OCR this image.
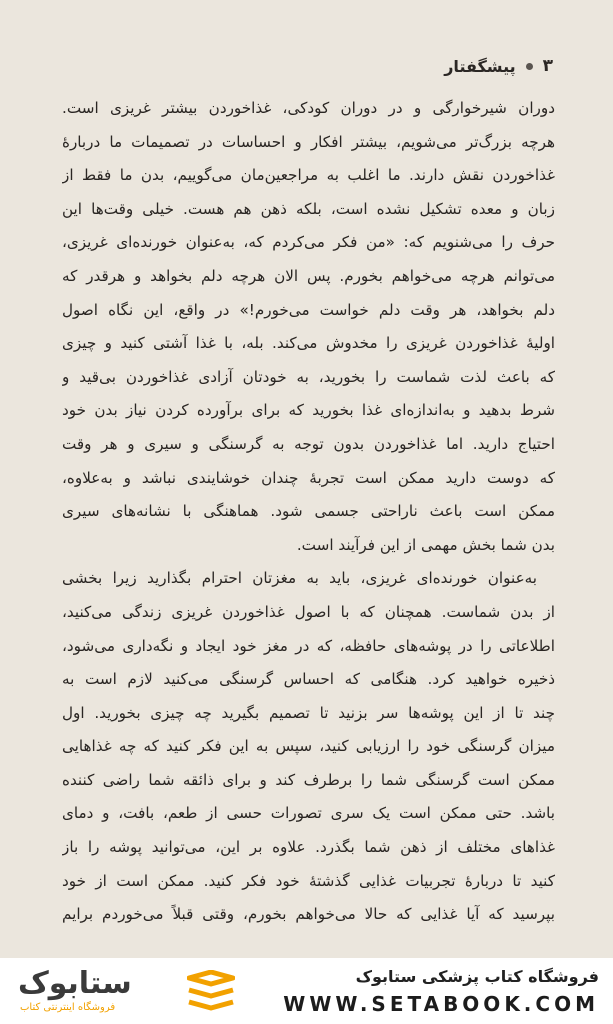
۳
پیشگفتار
دوران شیرخوارگی و در دوران کودکی، غذاخوردن بیشتر غریزی است.
هرچه بزرگ‌تر می‌شویم، بیشتر افکار و احساسات در تصمیمات ما دربارهٔ
غذاخوردن نقش دارند. ما اغلب به مراجعین‌مان می‌گوییم، بدن ما فقط از
زبان و معده تشکیل نشده است، بلکه ذهن هم هست. خیلی وقت‌ها این
حرف را می‌شنویم که: «من فکر می‌کردم که، به‌عنوان خورنده‌ای غریزی،
می‌توانم هرچه می‌خواهم بخورم. پس الان هرچه دلم بخواهد و هرقدر که
دلم بخواهد، هر وقت دلم خواست می‌خورم!» در واقع، این نگاه اصول
اولیهٔ غذاخوردن غریزی را مخدوش می‌کند. بله، با غذا آشتی کنید و چیزی
که باعث لذت شماست را بخورید، به خودتان آزادی غذاخوردن بی‌قید و
شرط بدهید و به‌اندازه‌ای غذا بخورید که برای برآورده کردن نیاز بدن خود
احتیاج دارید. اما غذاخوردن بدون توجه به گرسنگی و سیری و هر وقت
که دوست دارید ممکن است تجربهٔ چندان خوشایندی نباشد و به‌علاوه،
ممکن است باعث ناراحتی جسمی شود. هماهنگی با نشانه‌های سیری
بدن شما بخش مهمی از این فرآیند است.
به‌عنوان خورنده‌ای غریزی، باید به مغزتان احترام بگذارید زیرا بخشی
از بدن شماست. همچنان که با اصول غذاخوردن غریزی زندگی می‌کنید،
اطلاعاتی را در پوشه‌های حافظه، که در مغز خود ایجاد و نگه‌داری می‌شود،
ذخیره خواهید کرد. هنگامی که احساس گرسنگی می‌کنید لازم است به
چند تا از این پوشه‌ها سر بزنید تا تصمیم بگیرید چه چیزی بخورید. اول
میزان گرسنگی خود را ارزیابی کنید، سپس به این فکر کنید که چه غذاهایی
ممکن است گرسنگی شما را برطرف کند و برای ذائقه شما راضی کننده
باشد. حتی ممکن است یک سری تصورات حسی از طعم، بافت، و دمای
غذاهای مختلف از ذهن شما بگذرد. علاوه بر این، می‌توانید پوشه را باز
کنید تا دربارهٔ تجربیات غذایی گذشتهٔ خود فکر کنید. ممکن است از خود
بپرسید که آیا غذایی که حالا می‌خواهم بخورم، وقتی قبلاً می‌خوردم برایم
ستابوک
فروشگاه اینترنتی کتاب
فروشگاه کتاب پزشکی ستابوک
WWW.SETABOOK.COM
